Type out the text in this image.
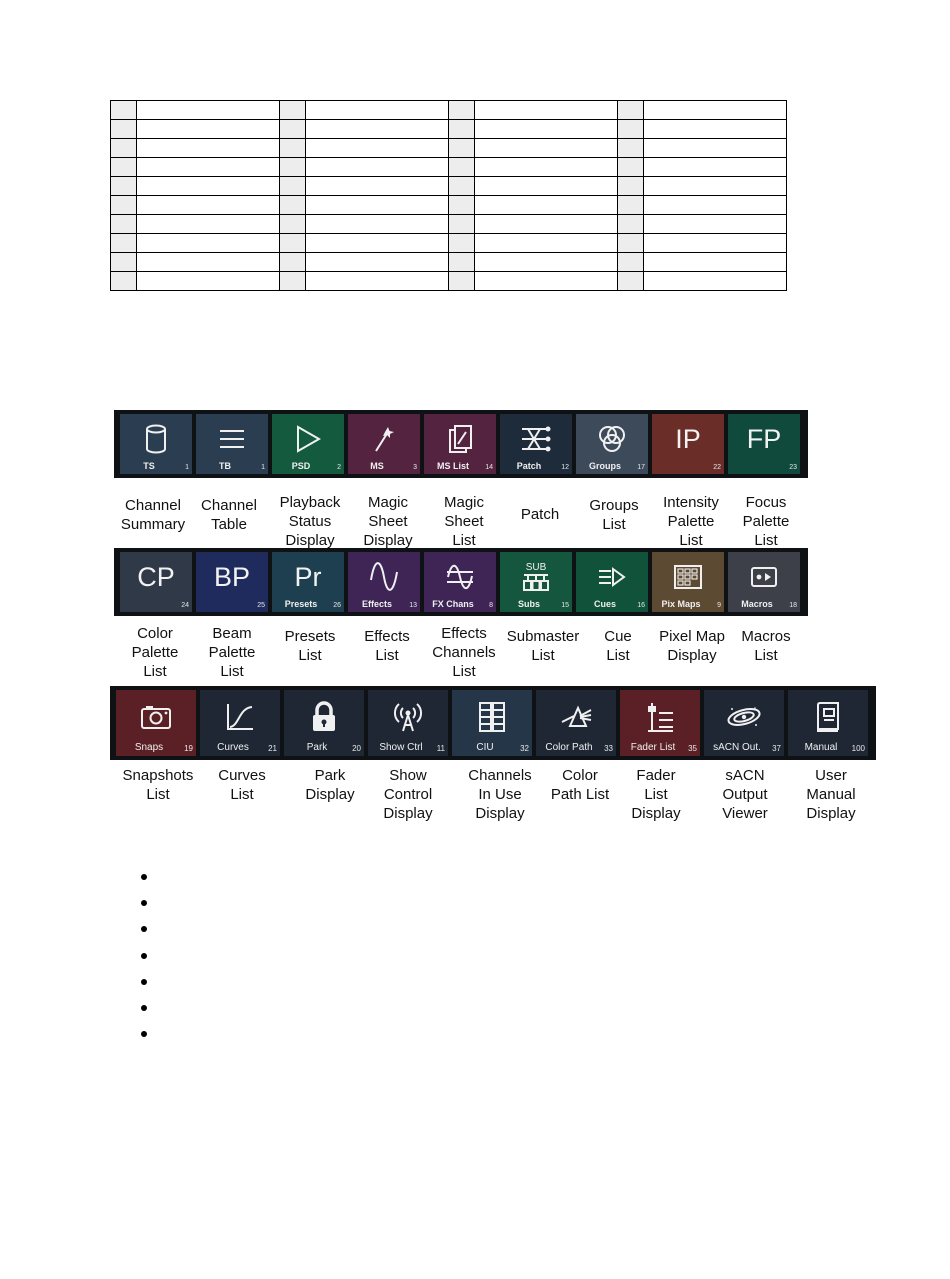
TS	1	TB	1	PSD	2	MS	3	MS List	14	Patch	12	Groups	17
IP
22
FP
23
CP
24
BP
25
Pr
Presets	26	Effects	13	FX Chans	8
SUB
Subs	15	Cues	16	Pix Maps	9	Macros	18
Snaps	19	Curves	21	Park	20	Show Ctrl	11	CIU	32	Color Path	33	Fader List	35	sACN Out.	37	Manual	100
Channel
Summary
Channel
Table
Playback
Status
Display
Magic
Sheet
Display
Magic
Sheet
List
Patch
Groups
List
Intensity
Palette
List
Focus
Palette
List
Color
Palette
List
Beam
Palette
List
Presets
List
Effects
List
Effects
Channels
List
Submaster
List
Cue
List
Pixel Map
Display
Macros
List
Snapshots
List
Curves
List
Park
Display
Show
Control
Display
Channels
In Use
Display
Color
Path List
Fader
List
Display
sACN
Output
Viewer
User
Manual
Display
